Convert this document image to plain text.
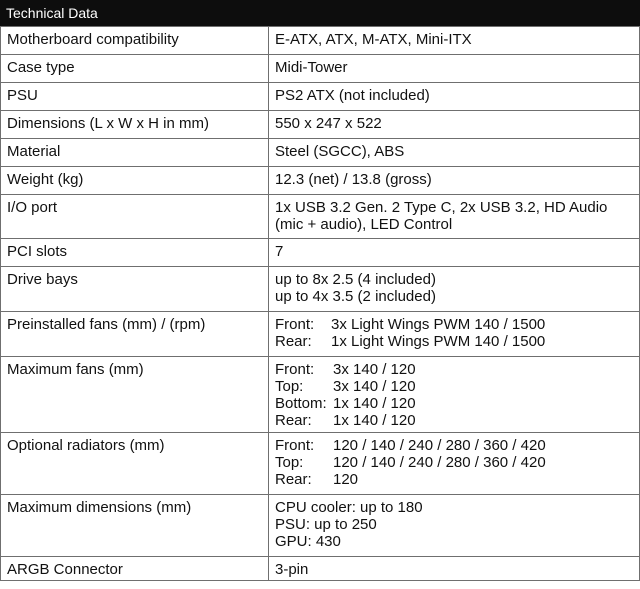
Technical Data
Motherboard compatibility	E-ATX, ATX, M-ATX, Mini-ITX
Case type	Midi-Tower
PSU	PS2 ATX (not included)
Dimensions (L x W x H in mm)	550 x 247 x 522
Material	Steel (SGCC), ABS
Weight (kg)	12.3 (net) / 13.8 (gross)
I/O port	1x USB 3.2 Gen. 2 Type C, 2x USB 3.2, HD Audio
(mic + audio), LED Control

PCI slots	7
Drive bays	up to 8x 2.5 (4 included)
up to 4x 3.5 (2 included)

Preinstalled fans (mm) / (rpm)	Front: 3x Light Wings PWM 140 / 1500
Rear: 1x Light Wings PWM 140 / 1500

Maximum fans (mm)	Front: 3x 140 / 120
Top: 3x 140 / 120
Bottom: 1x 140 / 120
Rear: 1x 140 / 120

Optional radiators (mm)	Front: 120 / 140 / 240 / 280 / 360 / 420
Top: 120 / 140 / 240 / 280 / 360 / 420
Rear: 120

Maximum dimensions (mm)	CPU cooler: up to 180
PSU: up to 250
GPU: 430

ARGB Connector	3-pin
